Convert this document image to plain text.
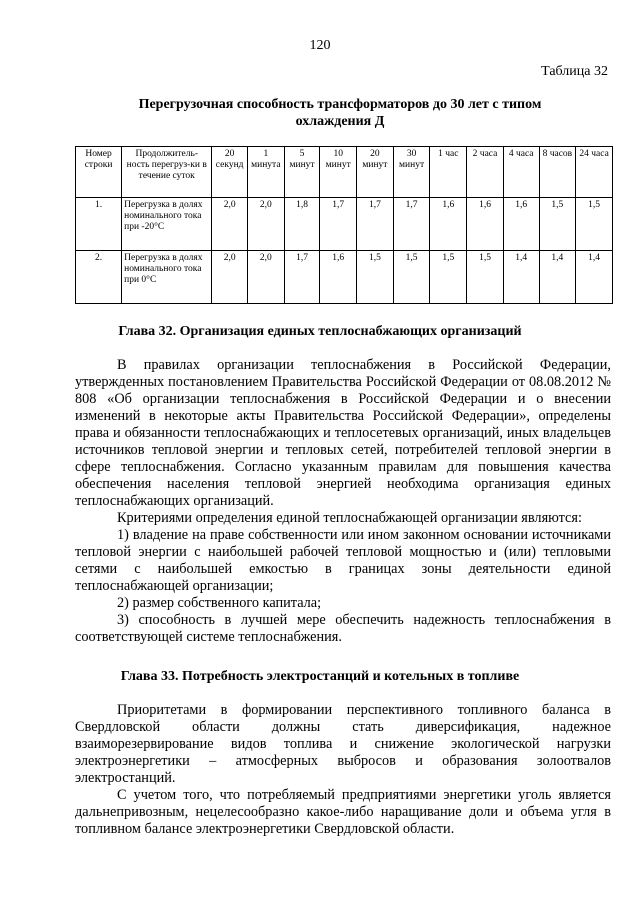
120
Таблица 32
Перегрузочная способность трансформаторов до 30 лет с типом
охлаждения Д
Номер строки	Продолжитель-ность перегруз-ки в течение суток	20 секунд	1 минута	5 минут	10 минут	20 минут	30 минут	1 час	2 часа	4 часа	8 часов	24 часа
1.	Перегрузка в долях номинального тока при -20°С	2,0	2,0	1,8	1,7	1,7	1,7	1,6	1,6	1,6	1,5	1,5
2.	Перегрузка в долях номинального тока при 0°С	2,0	2,0	1,7	1,6	1,5	1,5	1,5	1,5	1,4	1,4	1,4
Глава 32. Организация единых теплоснабжающих организаций

В правилах организации теплоснабжения в Российской Федерации, утвержденных постановлением Правительства Российской Федерации от 08.08.2012 № 808 «Об организации теплоснабжения в Российской Федерации и о внесении изменений в некоторые акты Правительства Российской Федерации», определены права и обязанности теплоснабжающих и теплосетевых организаций, иных владельцев источников тепловой энергии и тепловых сетей, потребителей тепловой энергии в сфере теплоснабжения. Согласно указанным правилам для повышения качества обеспечения населения тепловой энергией необходима организация единых теплоснабжающих организаций.

Критериями определения единой теплоснабжающей организации являются:

1) владение на праве собственности или ином законном основании источниками тепловой энергии с наибольшей рабочей тепловой мощностью и (или) тепловыми сетями с наибольшей емкостью в границах зоны деятельности единой теплоснабжающей организации;

2) размер собственного капитала;

3) способность в лучшей мере обеспечить надежность теплоснабжения в соответствующей системе теплоснабжения.

Глава 33. Потребность электростанций и котельных в топливе

Приоритетами в формировании перспективного топливного баланса в Свердловской области должны стать диверсификация, надежное взаиморезервирование видов топлива и снижение экологической нагрузки электроэнергетики – атмосферных выбросов и образования золоотвалов электростанций.

С учетом того, что потребляемый предприятиями энергетики уголь является дальнепривозным, нецелесообразно какое-либо наращивание доли и объема угля в топливном балансе электроэнергетики Свердловской области.
